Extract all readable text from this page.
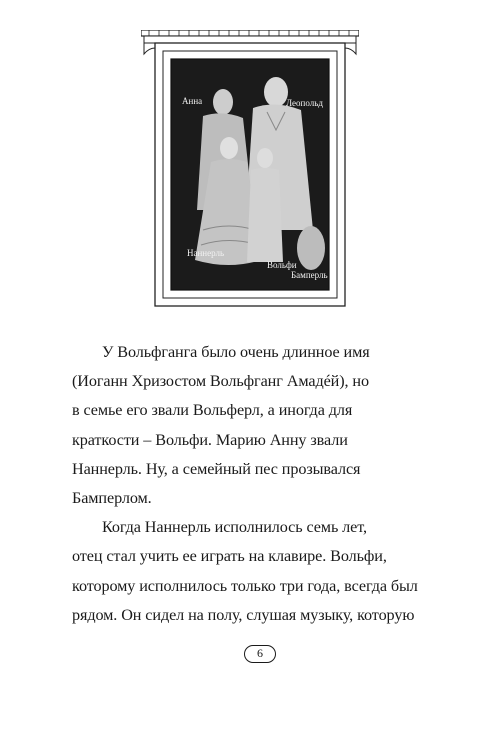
Анна	Леопольд
Наннерль
Вольфи
Бамперль
У Вольфганга было очень длинное имя
(Иоганн Хризостом Вольфганг Амадéй), но
в семье его звали Вольферл, а иногда для
краткости – Вольфи. Марию Анну звали
Наннерль. Ну, а семейный пес прозывался
Бамперлом.
Когда Наннерль исполнилось семь лет,
отец стал учить ее играть на клавире. Вольфи,
которому исполнилось только три года, всегда был
рядом. Он сидел на полу, слушая музыку, которую
6
